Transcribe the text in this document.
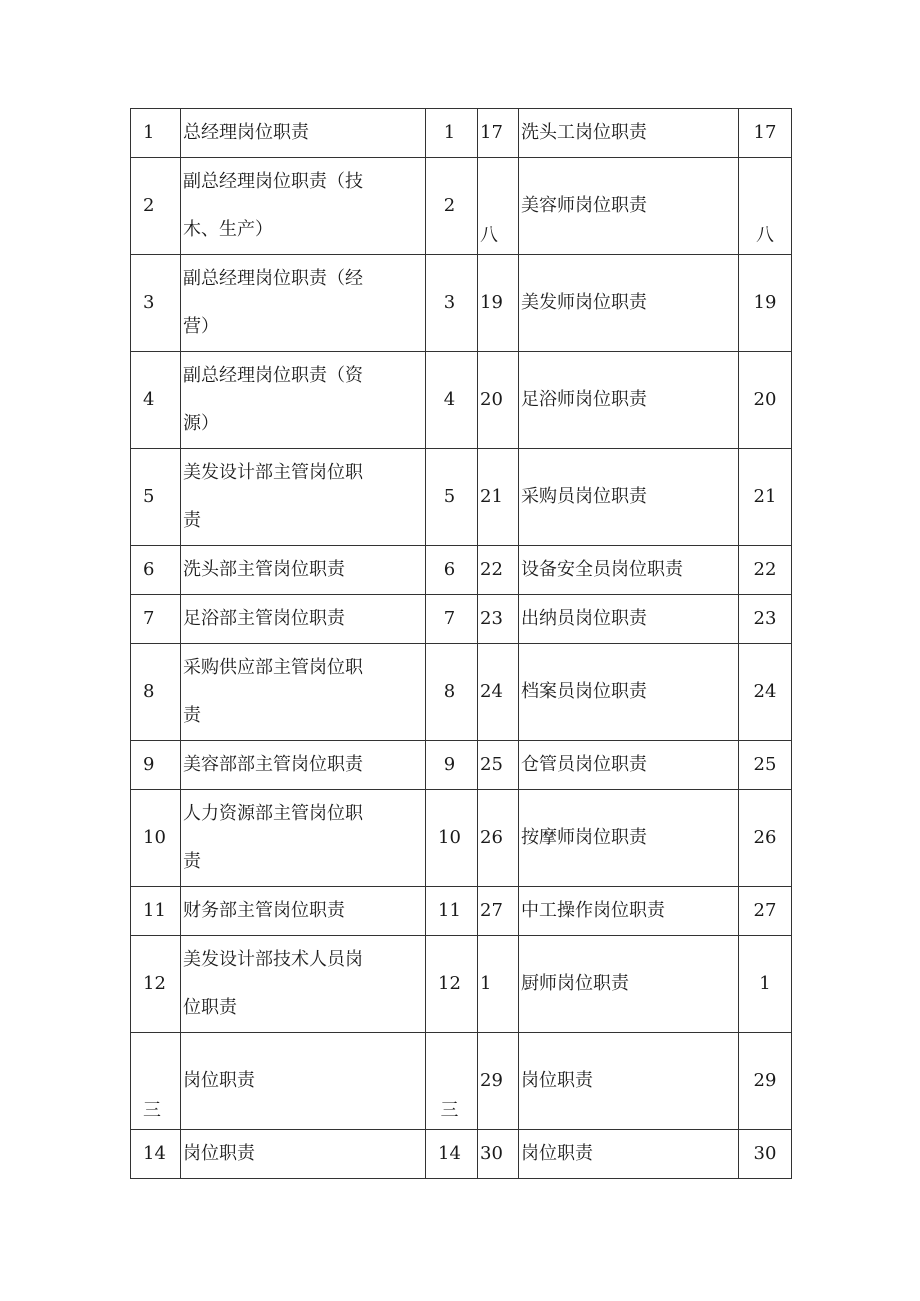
1	总经理岗位职责	1	17	洗头工岗位职责	17
2	副总经理岗位职责（技木、生产）	2	八	美容师岗位职责	八
3	副总经理岗位职责（经营）	3	19	美发师岗位职责	19
4	副总经理岗位职责（资源）	4	20	足浴师岗位职责	20
5	美发设计部主管岗位职责	5	21	采购员岗位职责	21
6	洗头部主管岗位职责	6	22	设备安全员岗位职责	22
7	足浴部主管岗位职责	7	23	出纳员岗位职责	23
8	采购供应部主管岗位职责	8	24	档案员岗位职责	24
9	美容部部主管岗位职责	9	25	仓管员岗位职责	25
10	人力资源部主管岗位职责	10	26	按摩师岗位职责	26
11	财务部主管岗位职责	11	27	中工操作岗位职责	27
12	美发设计部技术人员岗位职责	12	1	厨师岗位职责	1
三	岗位职责	三	29	岗位职责	29
14	岗位职责	14	30	岗位职责	30
